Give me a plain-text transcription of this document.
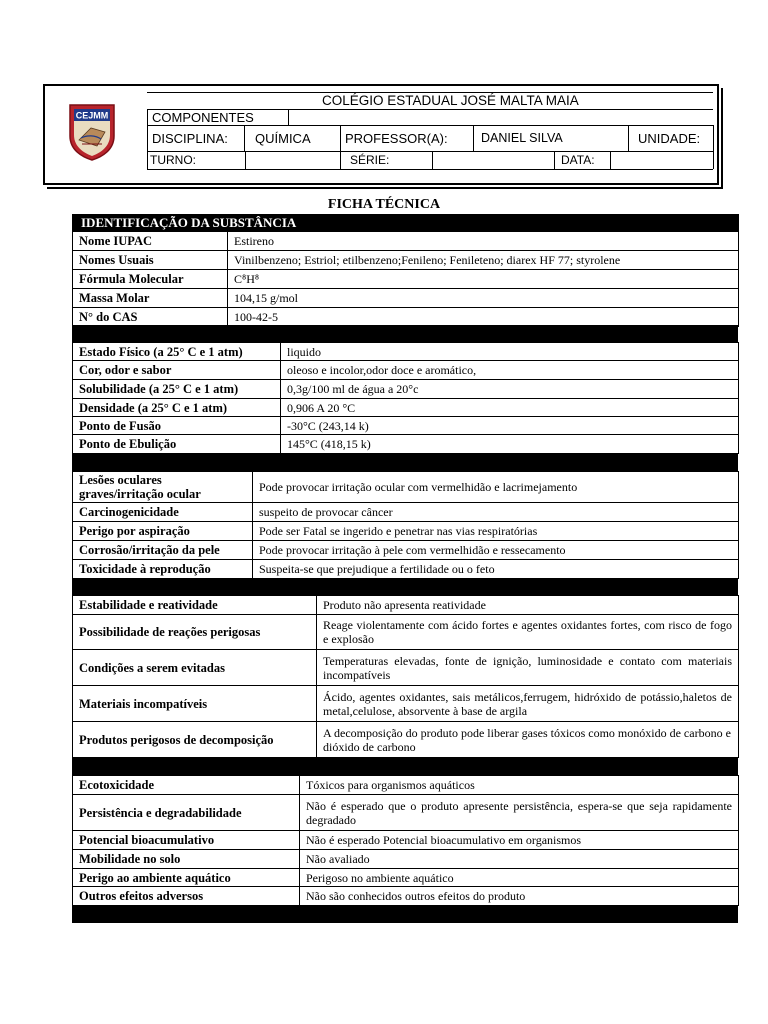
CEJMM
COLÉGIO ESTADUAL JOSÉ MALTA MAIA
COMPONENTES
DISCIPLINA: QUÍMICA	PROFESSOR(A):	DANIEL SILVA	UNIDADE:
TURNO:	SÉRIE:	DATA:
FICHA TÉCNICA
IDENTIFICAÇÃO DA SUBSTÂNCIA	
Nome IUPAC	Estireno
Nomes Usuais	Vinilbenzeno; Estriol; etilbenzeno;Fenileno; Fenileteno; diarex HF 77; styrolene
Fórmula Molecular	C⁸H⁸
Massa Molar	104,15 g/mol
N° do CAS	100-42-5
Estado Físico (a 25° C e 1 atm)	liquido
Cor, odor e sabor	oleoso e incolor,odor doce e aromático,
Solubilidade (a 25° C e 1 atm)	0,3g/100 ml de água a 20°c
Densidade (a 25° C e 1 atm)	0,906 A 20 °C
Ponto de Fusão	-30°C (243,14 k)
Ponto de Ebulição	145°C (418,15 k)
Lesões oculares graves/irritação ocular	Pode provocar irritação ocular com vermelhidão e lacrimejamento
Carcinogenicidade	suspeito de provocar câncer
Perigo por aspiração	Pode ser Fatal se ingerido e penetrar nas vias respiratórias
Corrosão/irritação da pele	Pode provocar irritação à pele com vermelhidão e ressecamento
Toxicidade à reprodução	Suspeita-se que prejudique a fertilidade ou o feto
Estabilidade e reatividade	Produto não apresenta reatividade
Possibilidade de reações perigosas	Reage violentamente com ácido fortes e agentes oxidantes fortes, com risco de fogo e explosão
Condições a serem evitadas	Temperaturas elevadas, fonte de ignição, luminosidade e contato com materiais incompatíveis
Materiais incompatíveis	Ácido, agentes oxidantes, sais metálicos,ferrugem, hidróxido de potássio,haletos de metal,celulose, absorvente à base de argila
Produtos perigosos de decomposição	A decomposição do produto pode liberar gases tóxicos como monóxido de carbono e dióxido de carbono
Ecotoxicidade	Tóxicos para organismos aquáticos
Persistência e degradabilidade	Não é esperado que o produto apresente persistência, espera-se que seja rapidamente degradado
Potencial bioacumulativo	Não é esperado Potencial bioacumulativo em organismos
Mobilidade no solo	Não avaliado
Perigo ao ambiente aquático	Perigoso no ambiente aquático
Outros efeitos adversos	Não são conhecidos outros efeitos do produto
